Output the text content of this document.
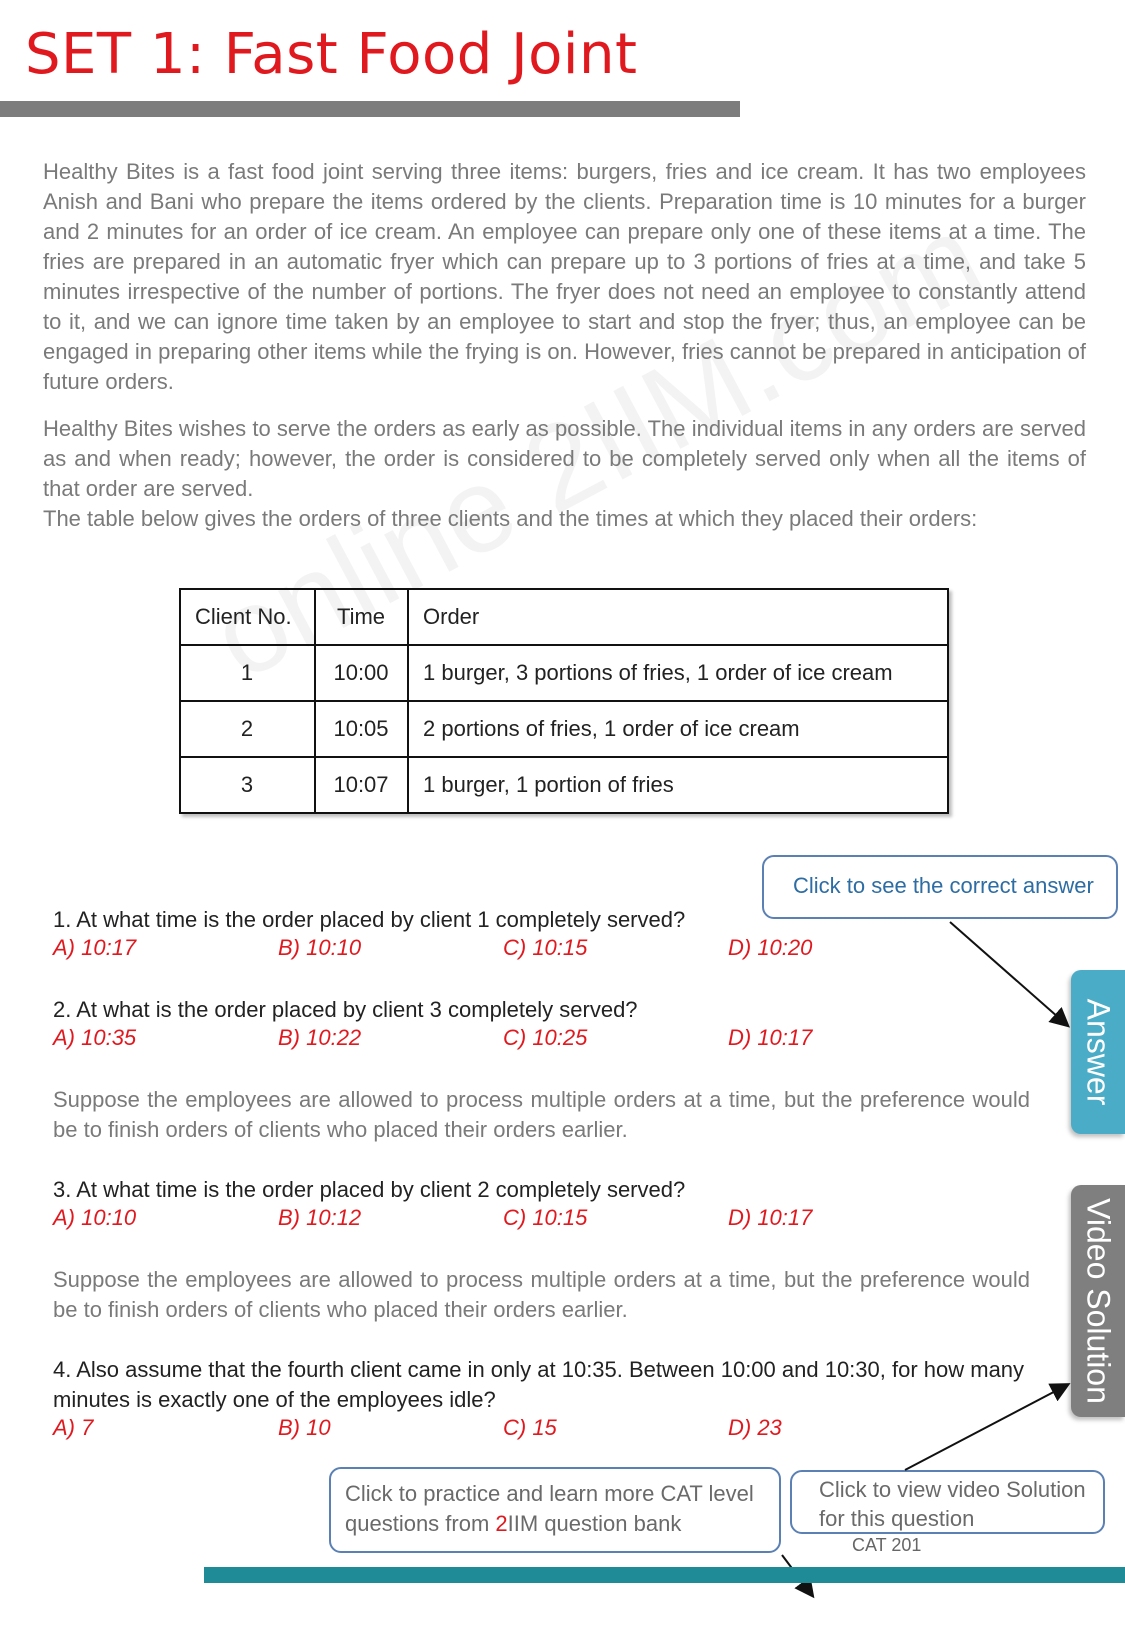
SET 1: Fast Food Joint

Healthy Bites is a fast food joint serving three items: burgers, fries and ice cream. It has two employees Anish and Bani who prepare the items ordered by the clients. Preparation time is 10 minutes for a burger and 2 minutes for an order of ice cream. An employee can prepare only one of these items at a time. The fries are prepared in an automatic fryer which can prepare up to 3 portions of fries at a time, and take 5 minutes irrespective of the number of portions. The fryer does not need an employee to constantly attend to it, and we can ignore time taken by an employee to start and stop the fryer; thus, an employee can be engaged in preparing other items while the frying is on. However, fries cannot be prepared in anticipation of future orders.

Healthy Bites wishes to serve the orders as early as possible. The individual items in any orders are served as and when ready; however, the order is considered to be completely served only when all the items of that order are served.

The table below gives the orders of three clients and the times at which they placed their orders:

Client No.	Time	Order
1	10:00	1 burger, 3 portions of fries, 1 order of ice cream
2	10:05	2 portions of fries, 1 order of ice cream
3	10:07	1 burger, 1 portion of fries

1. At what time is the order placed by client 1 completely served?

A) 10:17	B) 10:10	C) 10:15	D) 10:20

2. At what is the order placed by client 3 completely served?

A) 10:35	B) 10:22	C) 10:25	D) 10:17

Suppose the employees are allowed to process multiple orders at a time, but the preference would be to finish orders of clients who placed their orders earlier.

3. At what time is the order placed by client 2 completely served?

A) 10:10	B) 10:12	C) 10:15	D) 10:17

Suppose the employees are allowed to process multiple orders at a time, but the preference would be to finish orders of clients who placed their orders earlier.

4. Also assume that the fourth client came in only at 10:35. Between 10:00 and 10:30, for how many minutes is exactly one of the employees idle?

A) 7	B) 10	C) 15	D) 23
Click to see the correct answer
Click to practice and learn more CAT level questions from 2IIM question bank
Click to view video Solution for this question
CAT 201
Answer
Video Solution
